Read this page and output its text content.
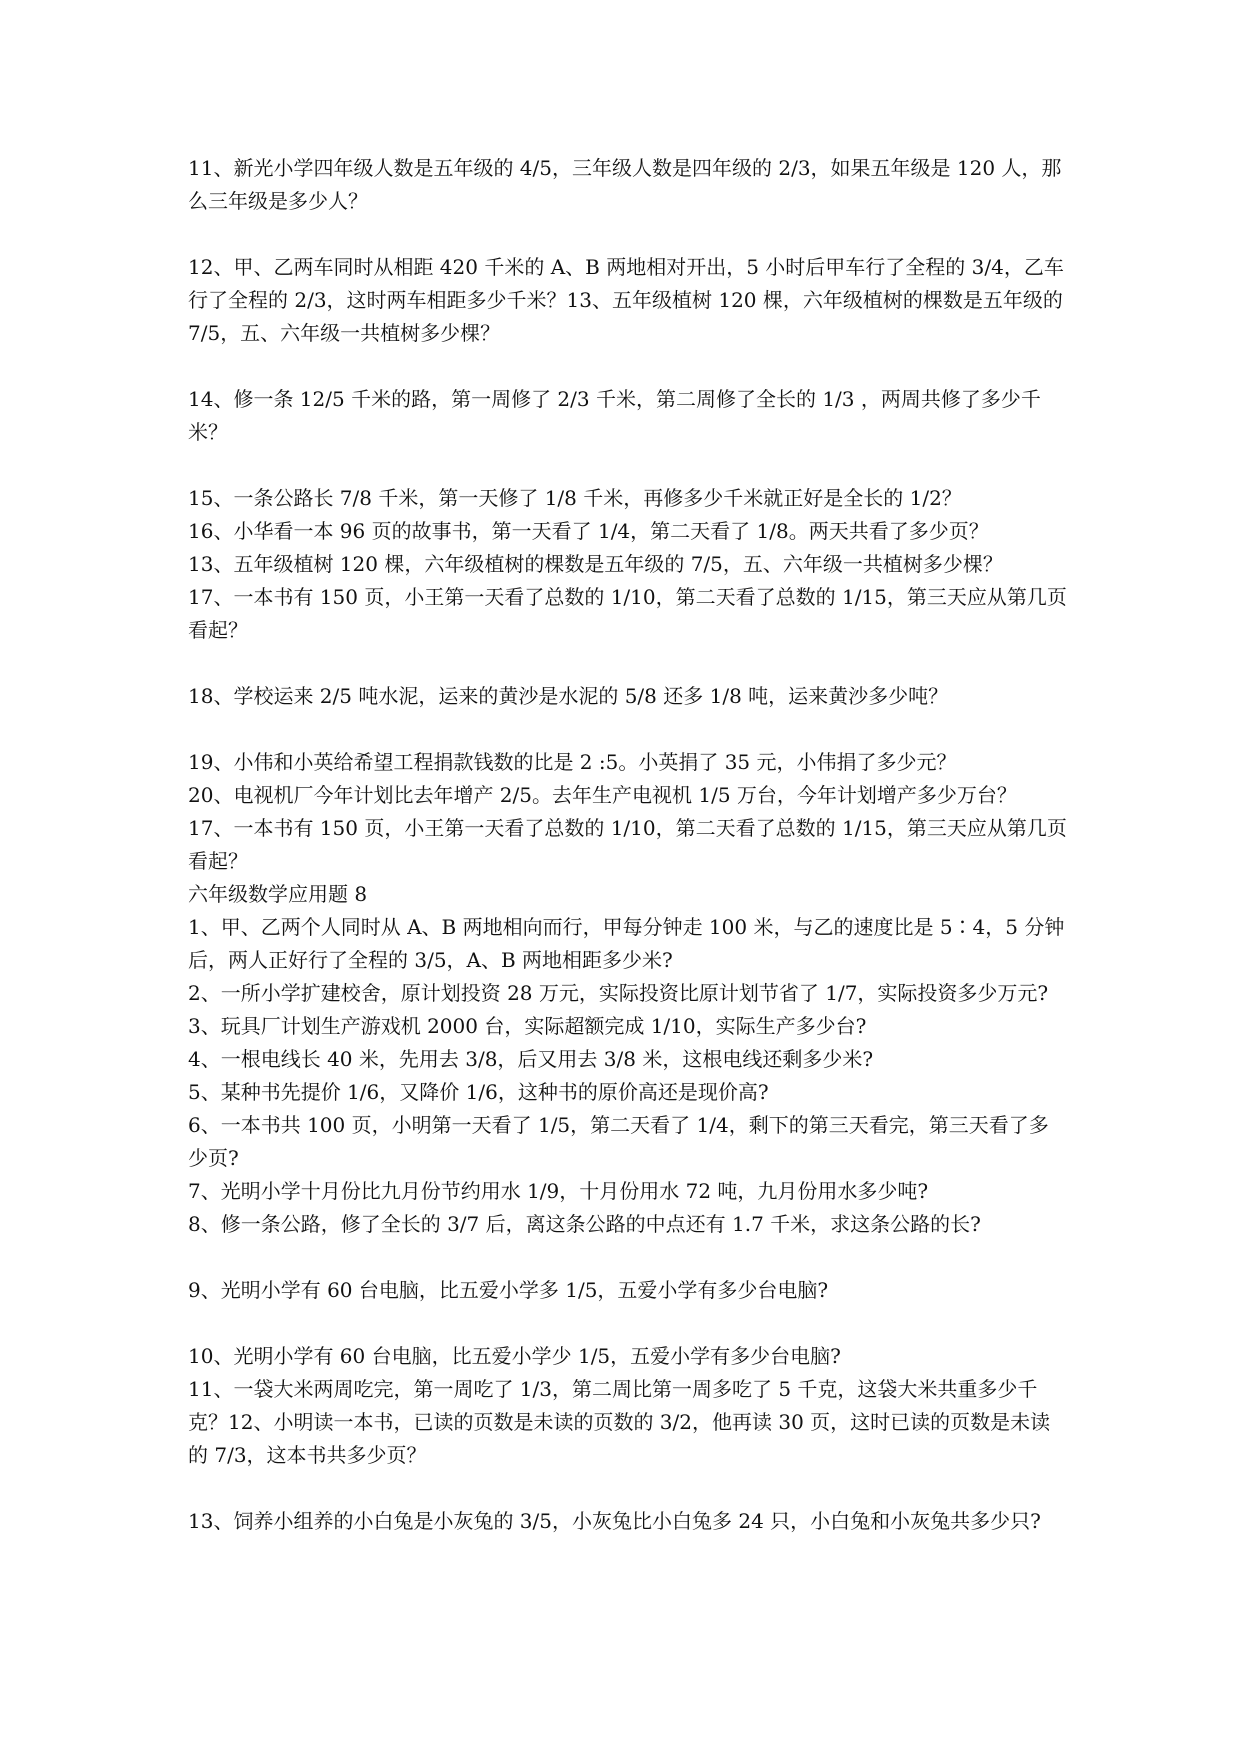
11、新光小学四年级人数是五年级的 4/5，三年级人数是四年级的 2/3，如果五年级是 120 人，那么三年级是多少人？

12、甲、乙两车同时从相距 420 千米的 A、B 两地相对开出，5 小时后甲车行了全程的 3/4，乙车行了全程的 2/3，这时两车相距多少千米？13、五年级植树 120 棵，六年级植树的棵数是五年级的 7/5，五、六年级一共植树多少棵？

14、修一条 12/5 千米的路，第一周修了 2/3 千米，第二周修了全长的 1/3 ，两周共修了多少千米？

15、一条公路长 7/8 千米，第一天修了 1/8 千米，再修多少千米就正好是全长的 1/2？

16、小华看一本 96 页的故事书，第一天看了 1/4，第二天看了 1/8。两天共看了多少页？

13、五年级植树 120 棵，六年级植树的棵数是五年级的 7/5，五、六年级一共植树多少棵？

17、一本书有 150 页，小王第一天看了总数的 1/10，第二天看了总数的 1/15，第三天应从第几页看起？

18、学校运来 2/5 吨水泥，运来的黄沙是水泥的 5/8 还多 1/8 吨，运来黄沙多少吨？

19、小伟和小英给希望工程捐款钱数的比是 2 :5。小英捐了 35 元，小伟捐了多少元？

20、电视机厂今年计划比去年增产 2/5。去年生产电视机 1/5 万台，今年计划增产多少万台？

17、一本书有 150 页，小王第一天看了总数的 1/10，第二天看了总数的 1/15，第三天应从第几页看起？

六年级数学应用题 8

1、甲、乙两个人同时从 A、B 两地相向而行，甲每分钟走 100 米，与乙的速度比是 5∶4，5 分钟后，两人正好行了全程的 3/5，A、B 两地相距多少米?

2、一所小学扩建校舍，原计划投资 28 万元，实际投资比原计划节省了 1/7，实际投资多少万元?

3、玩具厂计划生产游戏机 2000 台，实际超额完成 1/10，实际生产多少台?

4、一根电线长 40 米，先用去 3/8，后又用去 3/8 米，这根电线还剩多少米?

5、某种书先提价 1/6，又降价 1/6，这种书的原价高还是现价高?

6、一本书共 100 页，小明第一天看了 1/5，第二天看了 1/4，剩下的第三天看完，第三天看了多少页?

7、光明小学十月份比九月份节约用水 1/9，十月份用水 72 吨，九月份用水多少吨?

8、修一条公路，修了全长的 3/7 后，离这条公路的中点还有 1.7 千米，求这条公路的长?

9、光明小学有 60 台电脑，比五爱小学多 1/5，五爱小学有多少台电脑?

10、光明小学有 60 台电脑，比五爱小学少 1/5，五爱小学有多少台电脑?

11、一袋大米两周吃完，第一周吃了 1/3，第二周比第一周多吃了 5 千克，这袋大米共重多少千克？12、小明读一本书，已读的页数是未读的页数的 3/2，他再读 30 页，这时已读的页数是未读的 7/3，这本书共多少页？

13、饲养小组养的小白兔是小灰兔的 3/5，小灰兔比小白兔多 24 只，小白兔和小灰兔共多少只?
